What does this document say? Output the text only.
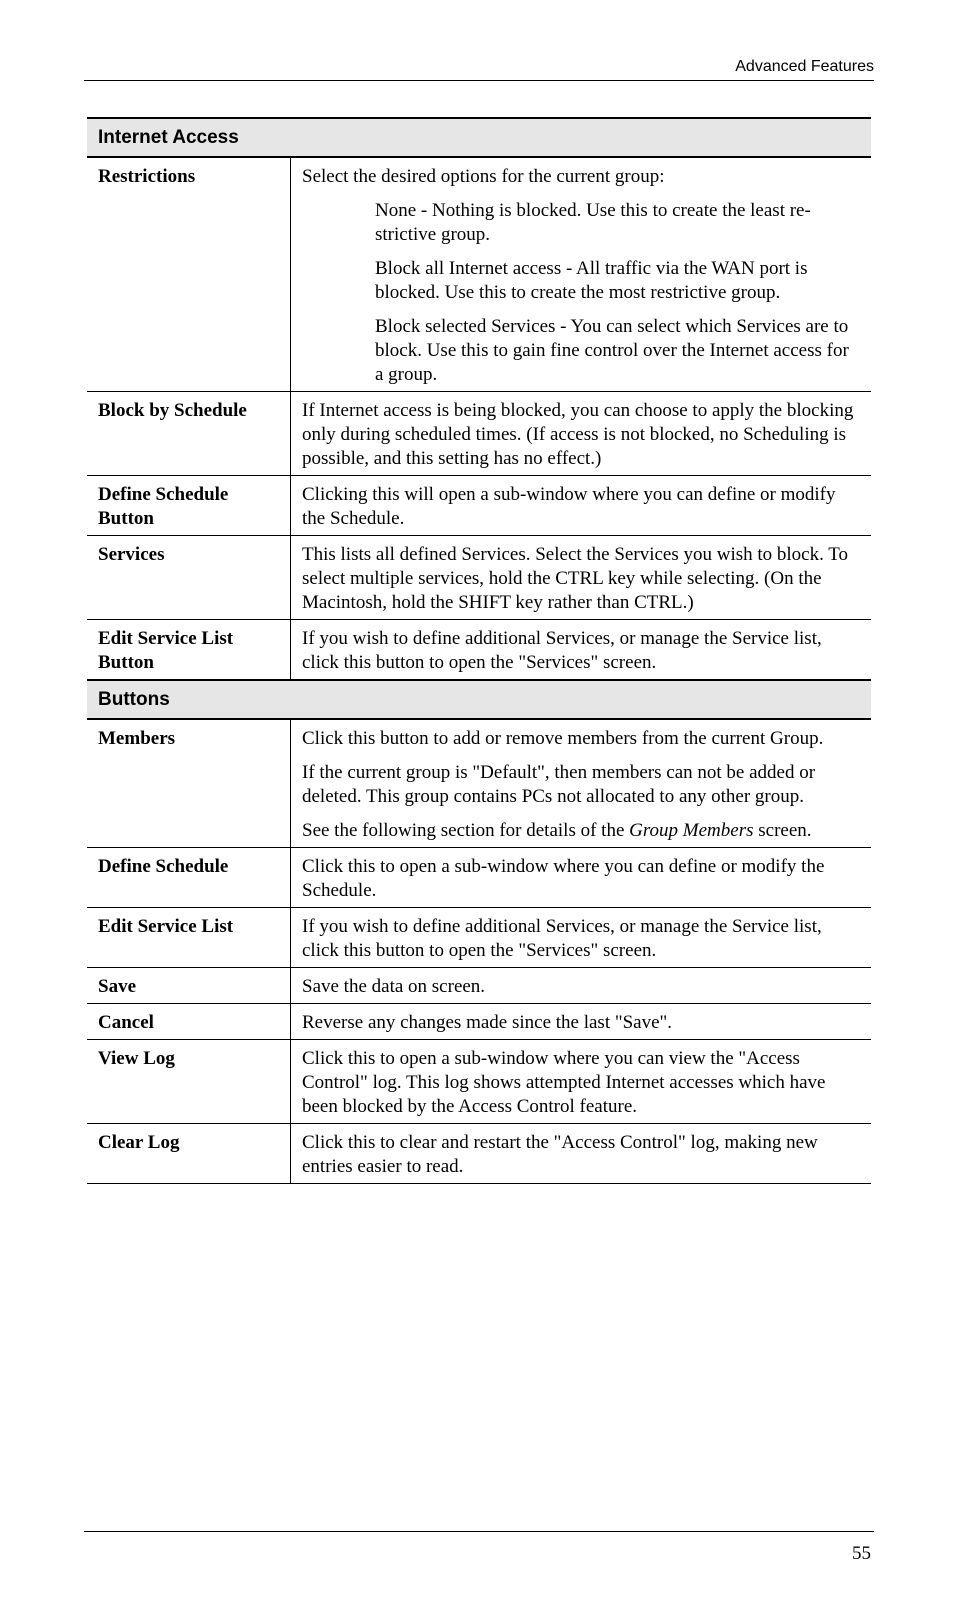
Advanced Features
Internet Access	
Restrictions	Select the desired options for the current group:

None - Nothing is blocked. Use this to create the least re-strictive group.

Block all Internet access - All traffic via the WAN port is blocked. Use this to create the most restrictive group.

Block selected Services - You can select which Services are to block. Use this to gain fine control over the Internet access for a group.

Block by Schedule	If Internet access is being blocked, you can choose to apply the blocking only during scheduled times. (If access is not blocked, no Scheduling is possible, and this setting has no effect.)
Define Schedule
Button	Clicking this will open a sub-window where you can define or modify the Schedule.
Services	This lists all defined Services. Select the Services you wish to block. To select multiple services, hold the CTRL key while selecting. (On the Macintosh, hold the SHIFT key rather than CTRL.)
Edit Service List
Button	If you wish to define additional Services, or manage the Service list, click this button to open the "Services" screen.
Buttons	
Members	Click this button to add or remove members from the current Group.

If the current group is "Default", then members can not be added or deleted. This group contains PCs not allocated to any other group.

See the following section for details of the Group Members screen.

Define Schedule	Click this to open a sub-window where you can define or modify the Schedule.
Edit Service List	If you wish to define additional Services, or manage the Service list, click this button to open the "Services" screen.
Save	Save the data on screen.
Cancel	Reverse any changes made since the last "Save".
View Log	Click this to open a sub-window where you can view the "Access Control" log. This log shows attempted Internet accesses which have been blocked by the Access Control feature.
Clear Log	Click this to clear and restart the "Access Control" log, making new entries easier to read.
55
